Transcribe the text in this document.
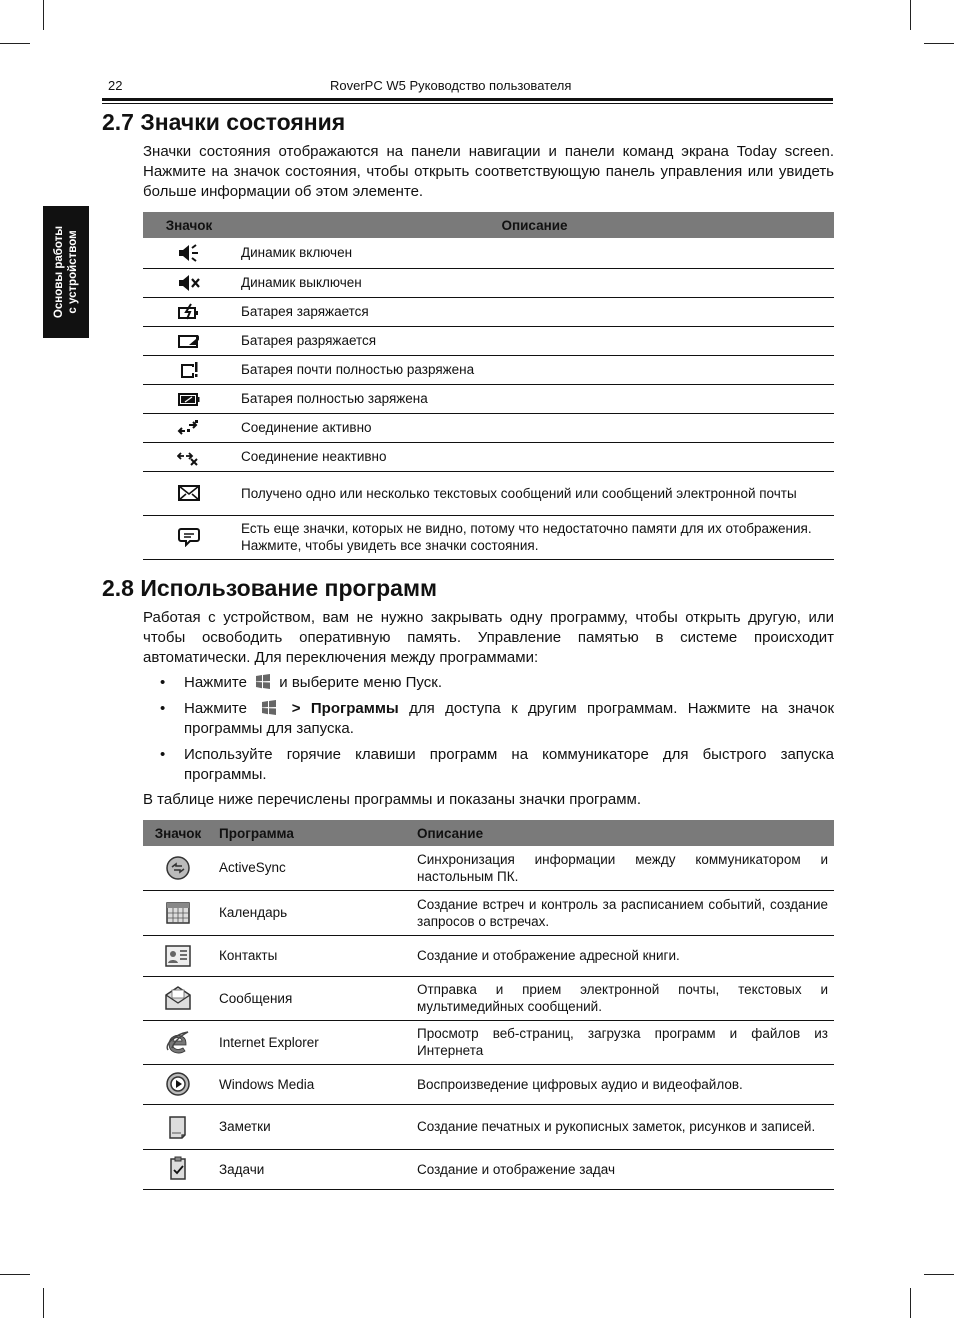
22	RoverPC W5 Руководство пользователя
Основы работы с устройством
2.7 Значки состояния

Значки состояния отображаются на панели навигации и панели команд экрана Today screen. Нажмите на значок состояния, чтобы открыть соответствующую панель управления или увидеть больше информации об этом элементе.

Значок	Описание

	Динамик включен

	Динамик выключен

	Батарея заряжается

	Батарея разряжается

	Батарея почти полностью разряжена

	Батарея полностью заряжена

	Соединение активно

	Соединение неактивно

	Получено одно или несколько текстовых сообщений или сообщений электронной почты

	Есть еще значки, которых не видно, потому что недостаточно памяти для их отображения. Нажмите, чтобы увидеть все значки состояния.
2.8 Использование программ

Работая с устройством, вам не нужно закрывать одну программу, чтобы открыть другую, или чтобы освободить оперативную память. Управление памятью в системе происходит автоматически. Для переключения между программами:

• Нажмите и выберите меню Пуск.
• Нажмите	> Программы для доступа к другим программам. Нажмите на значок программы для запуска.
• Используйте горячие клавиши программ на коммуникаторе для быстрого запуска программы.

В таблице ниже перечислены программы и показаны значки программ.

Значок	Программа	Описание

	ActiveSync	Синхронизация информации между коммуникатором и настольным ПК.

	Календарь	Создание встреч и контроль за расписанием событий, создание запросов о встречах.

	Контакты	Создание и отображение адресной книги.

	Сообщения	Отправка и прием электронной почты, текстовых и мультимедийных сообщений.

	Internet Explorer	Просмотр веб-страниц, загрузка программ и файлов из Интернета

	Windows Media	Воспроизведение цифровых аудио и видеофайлов.

	Заметки	Создание печатных и рукописных заметок, рисунков и записей.

	Задачи	Создание и отображение задач
